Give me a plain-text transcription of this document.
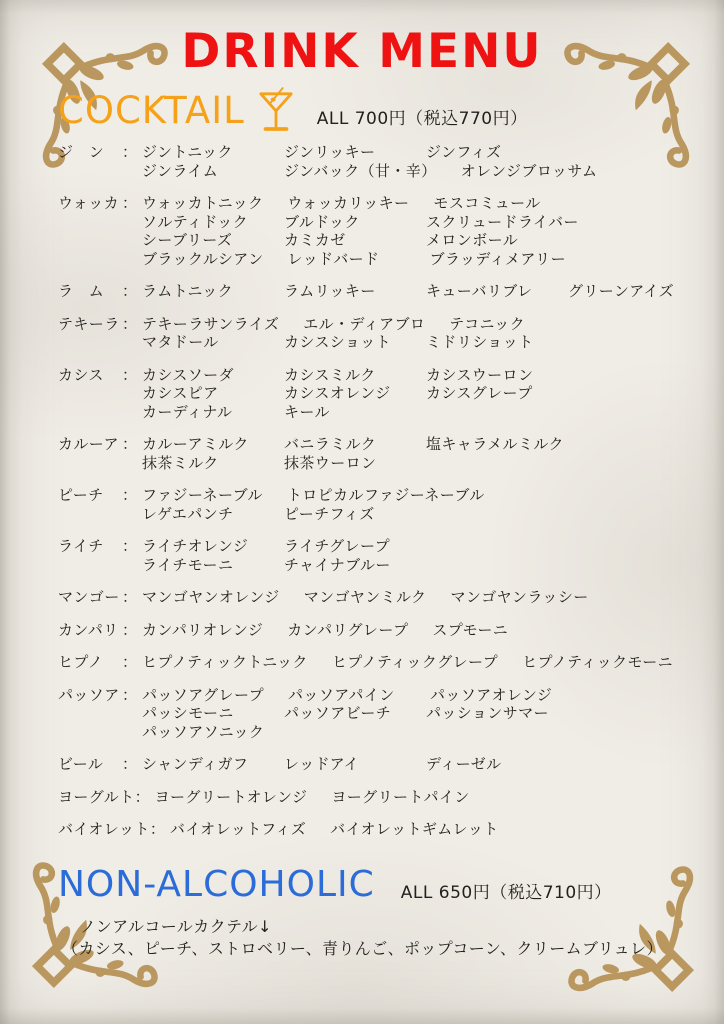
DRINK MENU
COCKTAIL	ALL 700円（税込770円）
ジ　ン	： ジントニック	ジンリッキー	ジンフィズ
ジンライム	ジンバック（甘・辛） オレンジブロッサム
ウォッカ ： ウォッカトニック ウォッカリッキー モスコミュール
ソルティドック	ブルドック	スクリュードライバー
シーブリーズ	カミカゼ	メロンボール
ブラックルシアン レッドバード	ブラッディメアリー
ラ　ム	： ラムトニック	ラムリッキー	キューバリブレ	グリーンアイズ
テキーラ ： テキーラサンライズ エル・ディアブロ テコニック
マタドール	カシスショット	ミドリショット
カシス	： カシスソーダ	カシスミルク	カシスウーロン
カシスピア	カシスオレンジ	カシスグレープ
カーディナル	キール
カルーア ： カルーアミルク	バニラミルク	塩キャラメルミルク
抹茶ミルク	抹茶ウーロン
ピーチ	： ファジーネーブル トロピカルファジーネーブル
レゲエパンチ	ピーチフィズ
ライチ	： ライチオレンジ	ライチグレープ
ライチモーニ	チャイナブルー
マンゴー ： マンゴヤンオレンジ マンゴヤンミルク マンゴヤンラッシー
カンパリ ： カンパリオレンジ カンパリグレープ スプモーニ
ヒプノ	： ヒプノティックトニック ヒプノティックグレープ ヒプノティックモーニ
パッソア ： パッソアグレープ パッソアパイン	パッソアオレンジ
パッシモーニ	パッソアビーチ	パッションサマー
パッソアソニック
ビール	： シャンディガフ	レッドアイ	ディーゼル
ヨーグルト ： ヨーグリートオレンジ ヨーグリートパイン
バイオレット ： バイオレットフィズ バイオレットギムレット
NON-ALCOHOLIC ALL 650円（税込710円）
ノンアルコールカクテル↓
（カシス、ピーチ、ストロベリー、青りんご、ポップコーン、クリームブリュレ）
